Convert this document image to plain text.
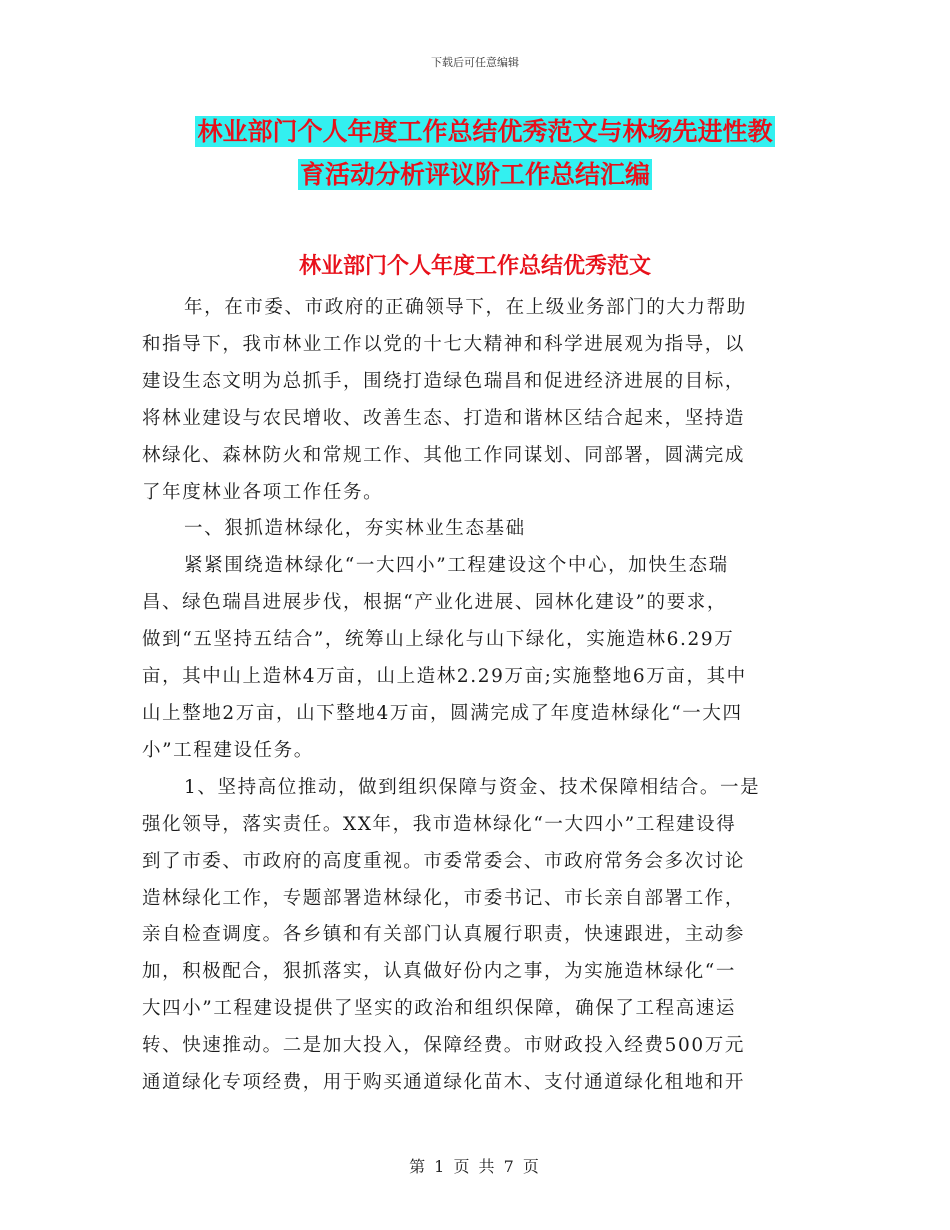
下载后可任意编辑
林业部门个人年度工作总结优秀范文与林场先进性教
育活动分析评议阶工作总结汇编
林业部门个人年度工作总结优秀范文
年，在市委、市政府的正确领导下，在上级业务部门的大力帮助
和指导下，我市林业工作以党的十七大精神和科学进展观为指导，以
建设生态文明为总抓手，围绕打造绿色瑞昌和促进经济进展的目标，
将林业建设与农民增收、改善生态、打造和谐林区结合起来，坚持造
林绿化、森林防火和常规工作、其他工作同谋划、同部署，圆满完成
了年度林业各项工作任务。
一、狠抓造林绿化，夯实林业生态基础
紧紧围绕造林绿化“一大四小”工程建设这个中心，加快生态瑞
昌、绿色瑞昌进展步伐，根据“产业化进展、园林化建设”的要求，
做到“五坚持五结合”，统筹山上绿化与山下绿化，实施造林6.29万
亩，其中山上造林4万亩，山上造林2.29万亩;实施整地6万亩，其中
山上整地2万亩，山下整地4万亩，圆满完成了年度造林绿化“一大四
小”工程建设任务。
1、坚持高位推动，做到组织保障与资金、技术保障相结合。一是
强化领导，落实责任。XX年，我市造林绿化“一大四小”工程建设得
到了市委、市政府的高度重视。市委常委会、市政府常务会多次讨论
造林绿化工作，专题部署造林绿化，市委书记、市长亲自部署工作，
亲自检查调度。各乡镇和有关部门认真履行职责，快速跟进，主动参
加，积极配合，狠抓落实，认真做好份内之事，为实施造林绿化“一
大四小”工程建设提供了坚实的政治和组织保障，确保了工程高速运
转、快速推动。二是加大投入，保障经费。市财政投入经费500万元
通道绿化专项经费，用于购买通道绿化苗木、支付通道绿化租地和开
第 1 页 共 7 页
